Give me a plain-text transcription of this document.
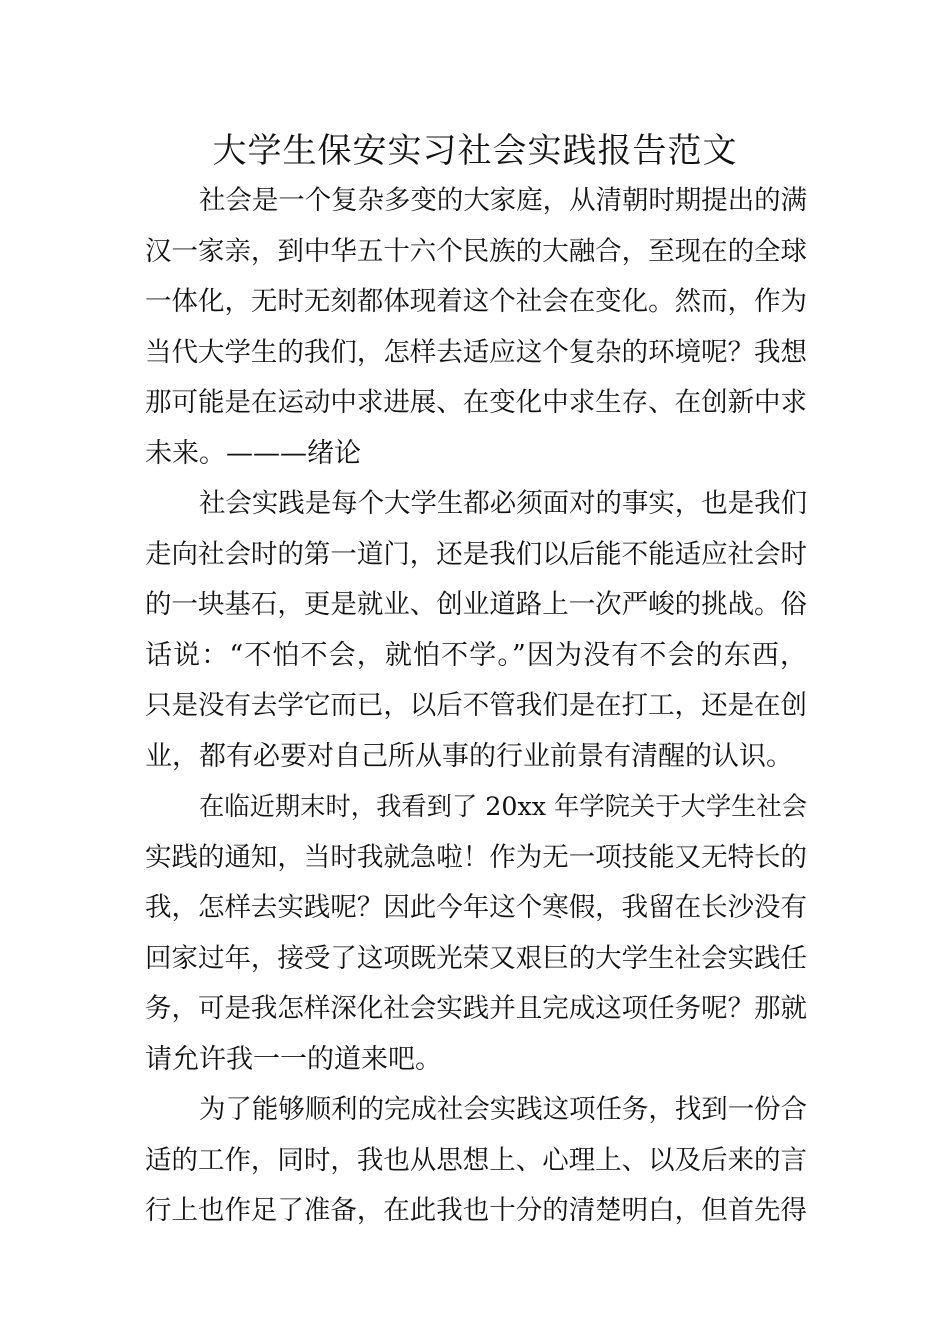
大学生保安实习社会实践报告范文
社会是一个复杂多变的大家庭，从清朝时期提出的满
汉一家亲，到中华五十六个民族的大融合，至现在的全球
一体化，无时无刻都体现着这个社会在变化。然而，作为
当代大学生的我们，怎样去适应这个复杂的环境呢？我想
那可能是在运动中求进展、在变化中求生存、在创新中求
未来。———绪论
社会实践是每个大学生都必须面对的事实，也是我们
走向社会时的第一道门，还是我们以后能不能适应社会时
的一块基石，更是就业、创业道路上一次严峻的挑战。俗
话说：“不怕不会，就怕不学。”因为没有不会的东西，
只是没有去学它而已，以后不管我们是在打工，还是在创
业，都有必要对自己所从事的行业前景有清醒的认识。
在临近期末时，我看到了 20xx 年学院关于大学生社会
实践的通知，当时我就急啦！作为无一项技能又无特长的
我，怎样去实践呢？因此今年这个寒假，我留在长沙没有
回家过年，接受了这项既光荣又艰巨的大学生社会实践任
务，可是我怎样深化社会实践并且完成这项任务呢？那就
请允许我一一的道来吧。
为了能够顺利的完成社会实践这项任务，找到一份合
适的工作，同时，我也从思想上、心理上、以及后来的言
行上也作足了准备，在此我也十分的清楚明白，但首先得
